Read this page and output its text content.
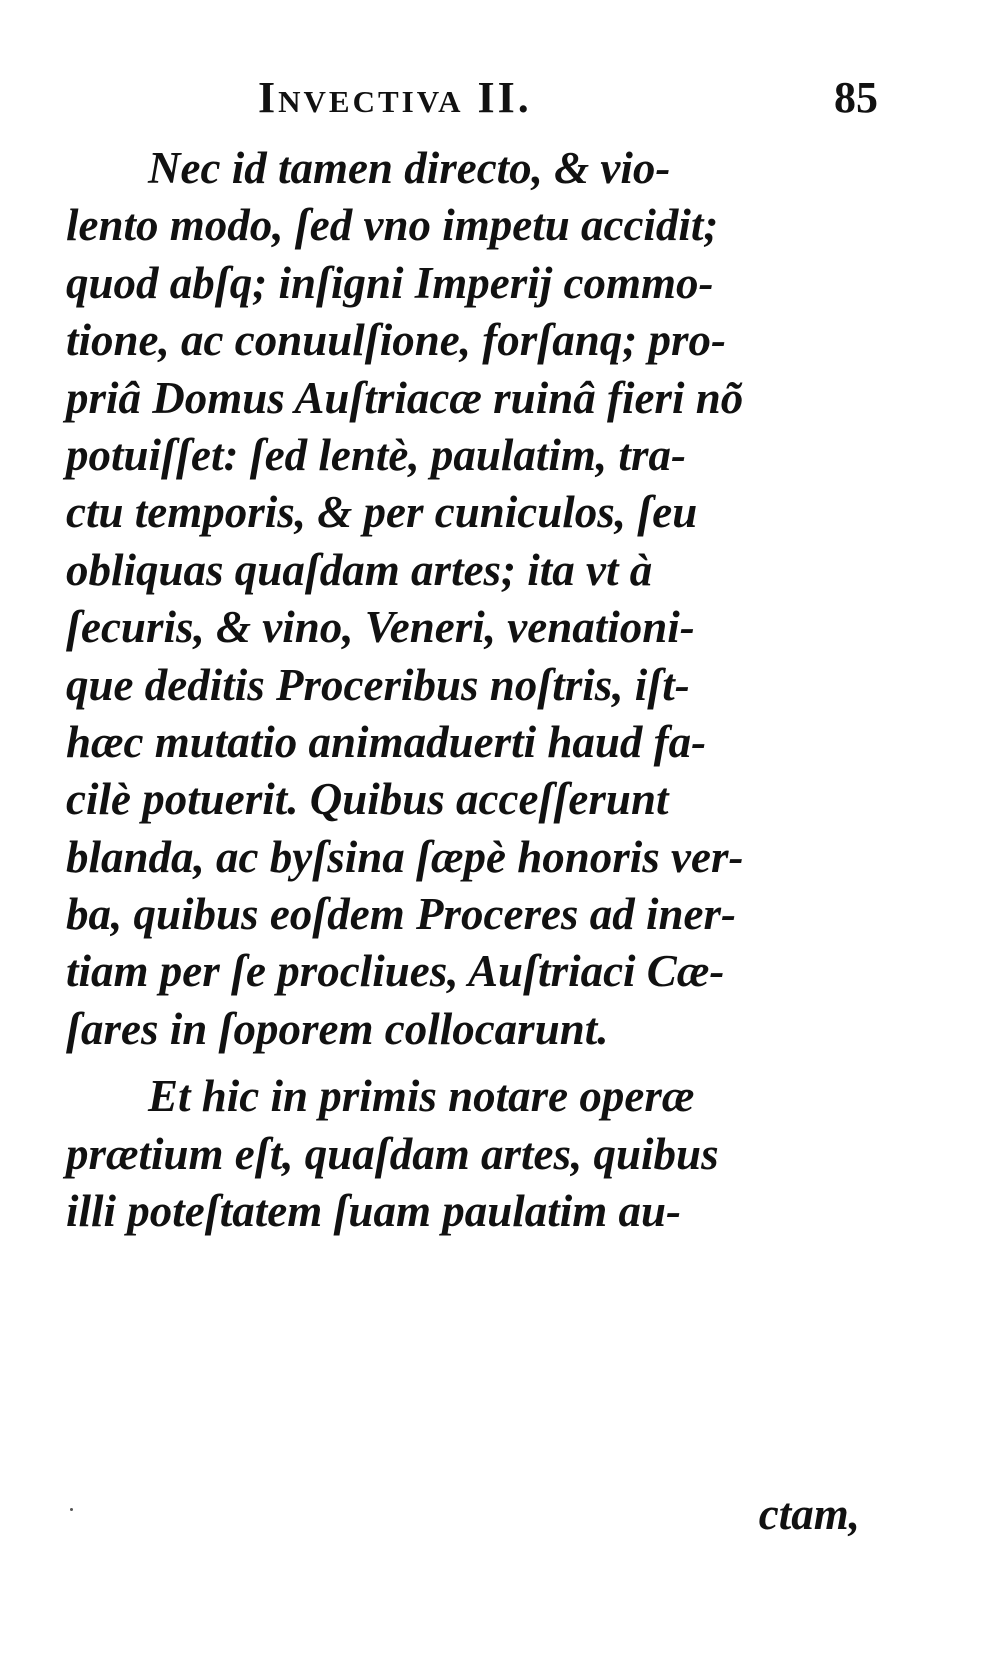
Invectiva II.	85
Nec id tamen directo, & vio-
lento modo, ſed vno impetu accidit;
quod abſq; inſigni Imperij commo-
tione, ac conuulſione, forſanq; pro-
priâ Domus Auſtriacæ ruinâ fieri nõ
potuiſſet: ſed lentè, paulatim, tra-
ctu temporis, & per cuniculos, ſeu
obliquas quaſdam artes; ita vt à
ſecuris, & vino, Veneri, venationi-
que deditis Proceribus noſtris, iſt-
hæc mutatio animaduerti haud fa-
cilè potuerit. Quibus acceſſerunt
blanda, ac byſsina ſæpè honoris ver-
ba, quibus eoſdem Proceres ad iner-
tiam per ſe procliues, Auſtriaci Cæ-
ſares in ſoporem collocarunt.
Et hic in primis notare operæ
prætium eſt, quaſdam artes, quibus
illi poteſtatem ſuam paulatim au-
ctam,
